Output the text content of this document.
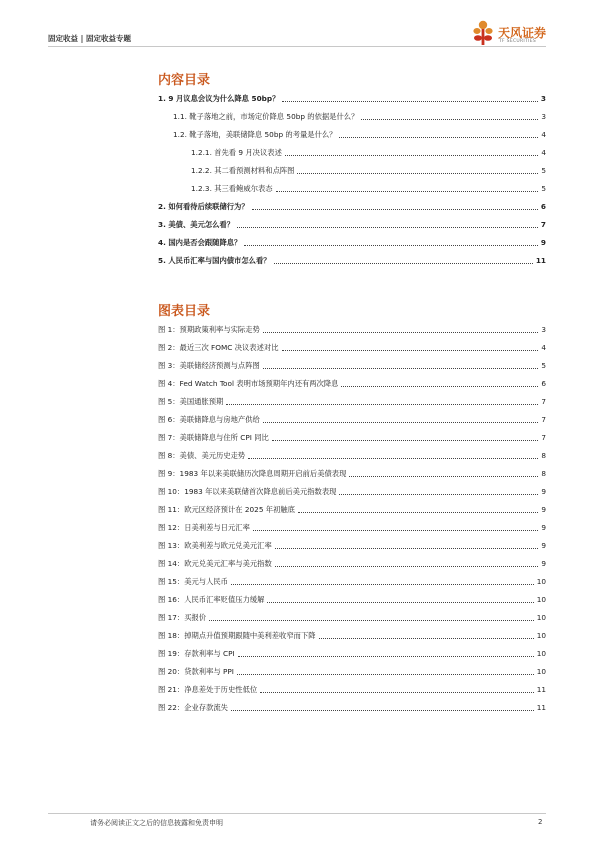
固定收益 | 固定收益专题	天风证券
TF SECURITIES
内容目录
1. 9 月议息会议为什么降息 50bp？	3
1.1. 靴子落地之前，市场定价降息 50bp 的依据是什么？	3
1.2. 靴子落地，美联储降息 50bp 的考量是什么？	4
1.2.1. 首先看 9 月决议表述	4
1.2.2. 其二看预测材料和点阵图	5
1.2.3. 其三看鲍威尔表态	5
2. 如何看待后续联储行为？	6
3. 美债、美元怎么看？	7
4. 国内是否会跟随降息？	9
5. 人民币汇率与国内债市怎么看？	11
图表目录
图 1：预期政策利率与实际走势	3
图 2：最近三次 FOMC 决议表述对比	4
图 3：美联储经济预测与点阵图	5
图 4：Fed Watch Tool 表明市场预期年内还有两次降息	6
图 5：美国通胀预期	7
图 6：美联储降息与房地产供给	7
图 7：美联储降息与住所 CPI 同比	7
图 8：美债、美元历史走势	8
图 9：1983 年以来美联储历次降息周期开启前后美债表现	8
图 10：1983 年以来美联储首次降息前后美元指数表现	9
图 11：欧元区经济预计在 2025 年初触底	9
图 12：日美利差与日元汇率	9
图 13：欧美利差与欧元兑美元汇率	9
图 14：欧元兑美元汇率与美元指数	9
图 15：美元与人民币	10
图 16：人民币汇率贬值压力缓解	10
图 17：买报价	10
图 18：掉期点升值预期跟随中美利差收窄而下降	10
图 19：存款利率与 CPI	10
图 20：贷款利率与 PPI	10
图 21：净息差处于历史性低位	11
图 22：企业存款流失	11
请务必阅读正文之后的信息披露和免责申明	2
